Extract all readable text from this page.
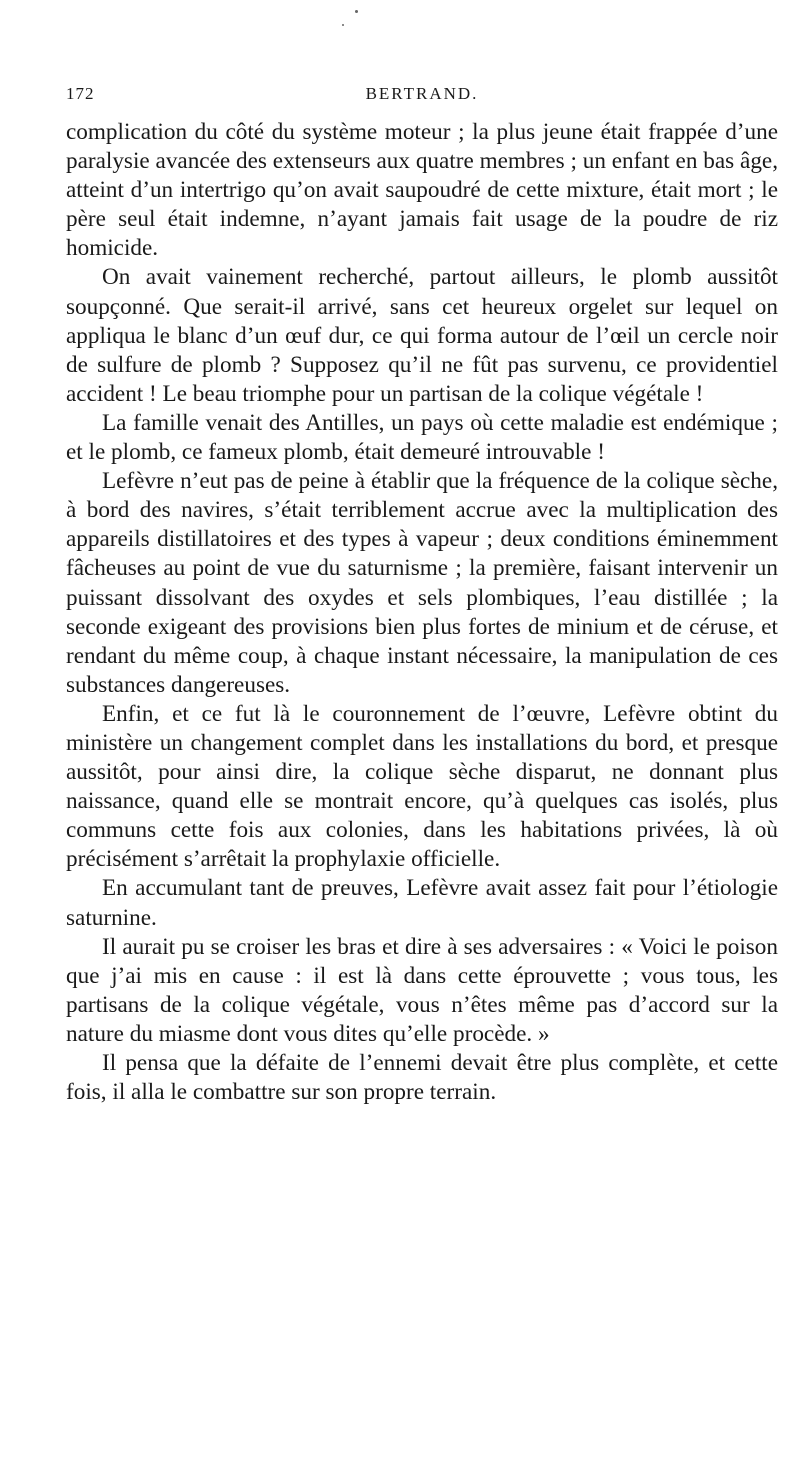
172	BERTRAND.

complication du côté du système moteur ; la plus jeune était frappée d’une paralysie avancée des extenseurs aux quatre membres ; un enfant en bas âge, atteint d’un intertrigo qu’on avait saupoudré de cette mixture, était mort ; le père seul était indemne, n’ayant jamais fait usage de la poudre de riz homicide.

On avait vainement recherché, partout ailleurs, le plomb aussitôt soupçonné. Que serait-il arrivé, sans cet heureux orgelet sur lequel on appliqua le blanc d’un œuf dur, ce qui forma autour de l’œil un cercle noir de sulfure de plomb ? Supposez qu’il ne fût pas survenu, ce providentiel accident ! Le beau triomphe pour un partisan de la colique végétale !

La famille venait des Antilles, un pays où cette maladie est endémique ; et le plomb, ce fameux plomb, était demeuré introuvable !

Lefèvre n’eut pas de peine à établir que la fréquence de la colique sèche, à bord des navires, s’était terriblement accrue avec la multiplication des appareils distillatoires et des types à vapeur ; deux conditions éminemment fâcheuses au point de vue du saturnisme ; la première, faisant intervenir un puissant dissolvant des oxydes et sels plombiques, l’eau distillée ; la seconde exigeant des provisions bien plus fortes de minium et de céruse, et rendant du même coup, à chaque instant nécessaire, la manipulation de ces substances dangereuses.

Enfin, et ce fut là le couronnement de l’œuvre, Lefèvre obtint du ministère un changement complet dans les installations du bord, et presque aussitôt, pour ainsi dire, la colique sèche disparut, ne donnant plus naissance, quand elle se montrait encore, qu’à quelques cas isolés, plus communs cette fois aux colonies, dans les habitations privées, là où précisément s’arrêtait la prophylaxie officielle.

En accumulant tant de preuves, Lefèvre avait assez fait pour l’étiologie saturnine.

Il aurait pu se croiser les bras et dire à ses adversaires : « Voici le poison que j’ai mis en cause : il est là dans cette éprouvette ; vous tous, les partisans de la colique végétale, vous n’êtes même pas d’accord sur la nature du miasme dont vous dites qu’elle procède. »

Il pensa que la défaite de l’ennemi devait être plus complète, et cette fois, il alla le combattre sur son propre terrain.
